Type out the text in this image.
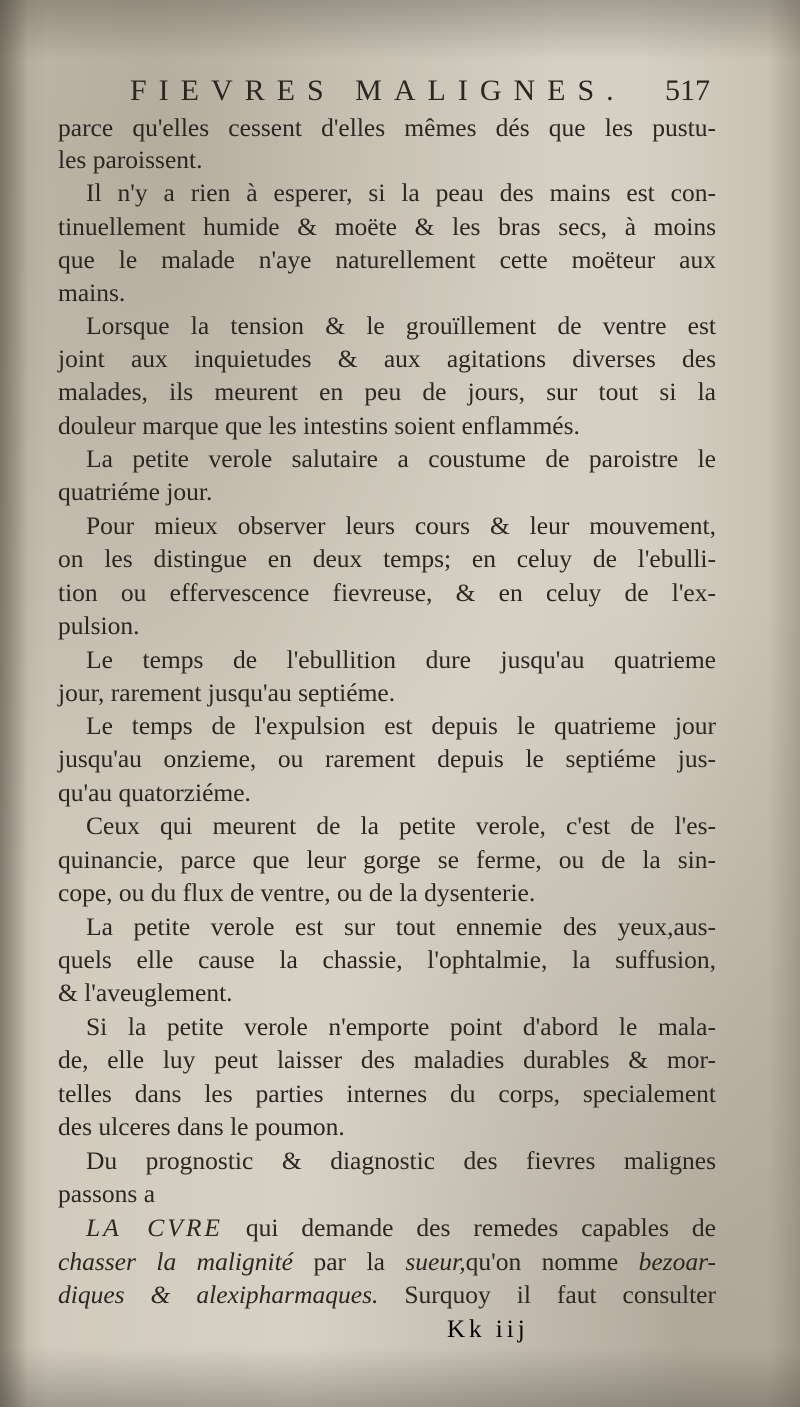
FIEVRES MALIGNES. 517
parce qu'elles cessent d'elles mêmes dés que les pustu-
les paroissent.
Il n'y a rien à esperer, si la peau des mains est con-
tinuellement humide & moëte & les bras secs, à moins
que le malade n'aye naturellement cette moëteur aux
mains.
Lorsque la tension & le grouïllement de ventre est
joint aux inquietudes & aux agitations diverses des
malades, ils meurent en peu de jours, sur tout si la
douleur marque que les intestins soient enflammés.
La petite verole salutaire a coustume de paroistre le
quatriéme jour.
Pour mieux observer leurs cours & leur mouvement,
on les distingue en deux temps; en celuy de l'ebulli-
tion ou effervescence fievreuse, & en celuy de l'ex-
pulsion.
Le temps de l'ebullition dure jusqu'au quatrieme
jour, rarement jusqu'au septiéme.
Le temps de l'expulsion est depuis le quatrieme jour
jusqu'au onzieme, ou rarement depuis le septiéme jus-
qu'au quatorziéme.
Ceux qui meurent de la petite verole, c'est de l'es-
quinancie, parce que leur gorge se ferme, ou de la sin-
cope, ou du flux de ventre, ou de la dysenterie.
La petite verole est sur tout ennemie des yeux,aus-
quels elle cause la chassie, l'ophtalmie, la suffusion,
& l'aveuglement.
Si la petite verole n'emporte point d'abord le mala-
de, elle luy peut laisser des maladies durables & mor-
telles dans les parties internes du corps, specialement
des ulceres dans le poumon.
Du prognostic & diagnostic des fievres malignes
passons a
LA CVRE qui demande des remedes capables de
chasser la malignité par la sueur,qu'on nomme bezoar-
diques & alexipharmaques. Surquoy il faut consulter
Kk iij
